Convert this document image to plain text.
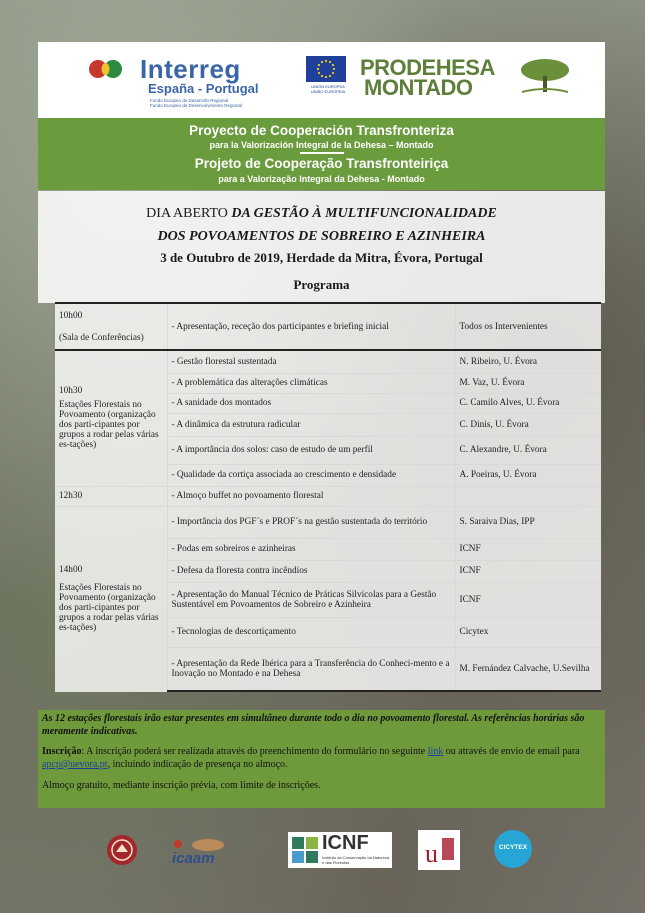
Interreg
España - Portugal
Fondo Europeo de Desarrollo Regional
Fundo Europeu de Desenvolvimento Regional
UNIÓN EUROPEA
UNIÃO EUROPEIA
PRODEHESA
MONTADO
Proyecto de Cooperación Transfronteriza
para la Valorización Integral de la Dehesa – Montado
Projeto de Cooperação Transfronteiriça
para a Valorização Integral da Dehesa - Montado
DIA ABERTO DA GESTÃO À MULTIFUNCIONALIDADE
DOS POVOAMENTOS DE SOBREIRO E AZINHEIRA
3 de Outubro de 2019, Herdade da Mitra, Évora, Portugal
Programa
10h00
(Sala de Conferências)	- Apresentação, receção dos participantes e briefing inicial	Todos os Intervenientes

10h30
Estações Florestais no Povoamento (organização dos parti-cipantes por grupos a rodar pelas várias es-tações)	- Gestão florestal sustentada	N. Ribeiro, U. Évora
	- A problemática das alterações climáticas	M. Vaz, U. Évora
	- A sanidade dos montados	C. Camilo Alves, U. Évora
	- A dinâmica da estrutura radicular	C. Dinis, U. Évora
	- A importância dos solos: caso de estudo de um perfil	C. Alexandre, U. Évora
	- Qualidade da cortiça associada ao crescimento e densidade	A. Poeiras, U. Évora
12h30	- Almoço buffet no povoamento florestal	

14h00
Estações Florestais no Povoamento (organização dos parti-cipantes por grupos a rodar pelas várias es-tações)	- Importância dos PGF´s e PROF´s na gestão sustentada do território	S. Saraiva Dias, IPP
	- Podas em sobreiros e azinheiras	ICNF
	- Defesa da floresta contra incêndios	ICNF
	- Apresentação do Manual Técnico de Práticas Silvícolas para a Gestão Sustentável em Povoamentos de Sobreiro e Azinheira	ICNF
	- Tecnologias de descortiçamento	Cicytex
	- Apresentação da Rede Ibérica para a Transferência do Conheci-mento e a Inovação no Montado e na Dehesa	M. Fernández Calvache, U.Sevilha
As 12 estações florestais irão estar presentes em simultâneo durante todo o dia no povoamento florestal. As referências horárias são meramente indicativas.
Inscrição: A inscrição poderá ser realizada através do preenchimento do formulário no seguinte link ou através de envio de email para apcp@uevora.pt, incluindo indicação de presença no almoço.
Almoço gratuito, mediante inscrição prévia, com limite de inscrições.
icaam
ICNF
Instituto da Conservação da Natureza e das Florestas	u	CICYTEX
